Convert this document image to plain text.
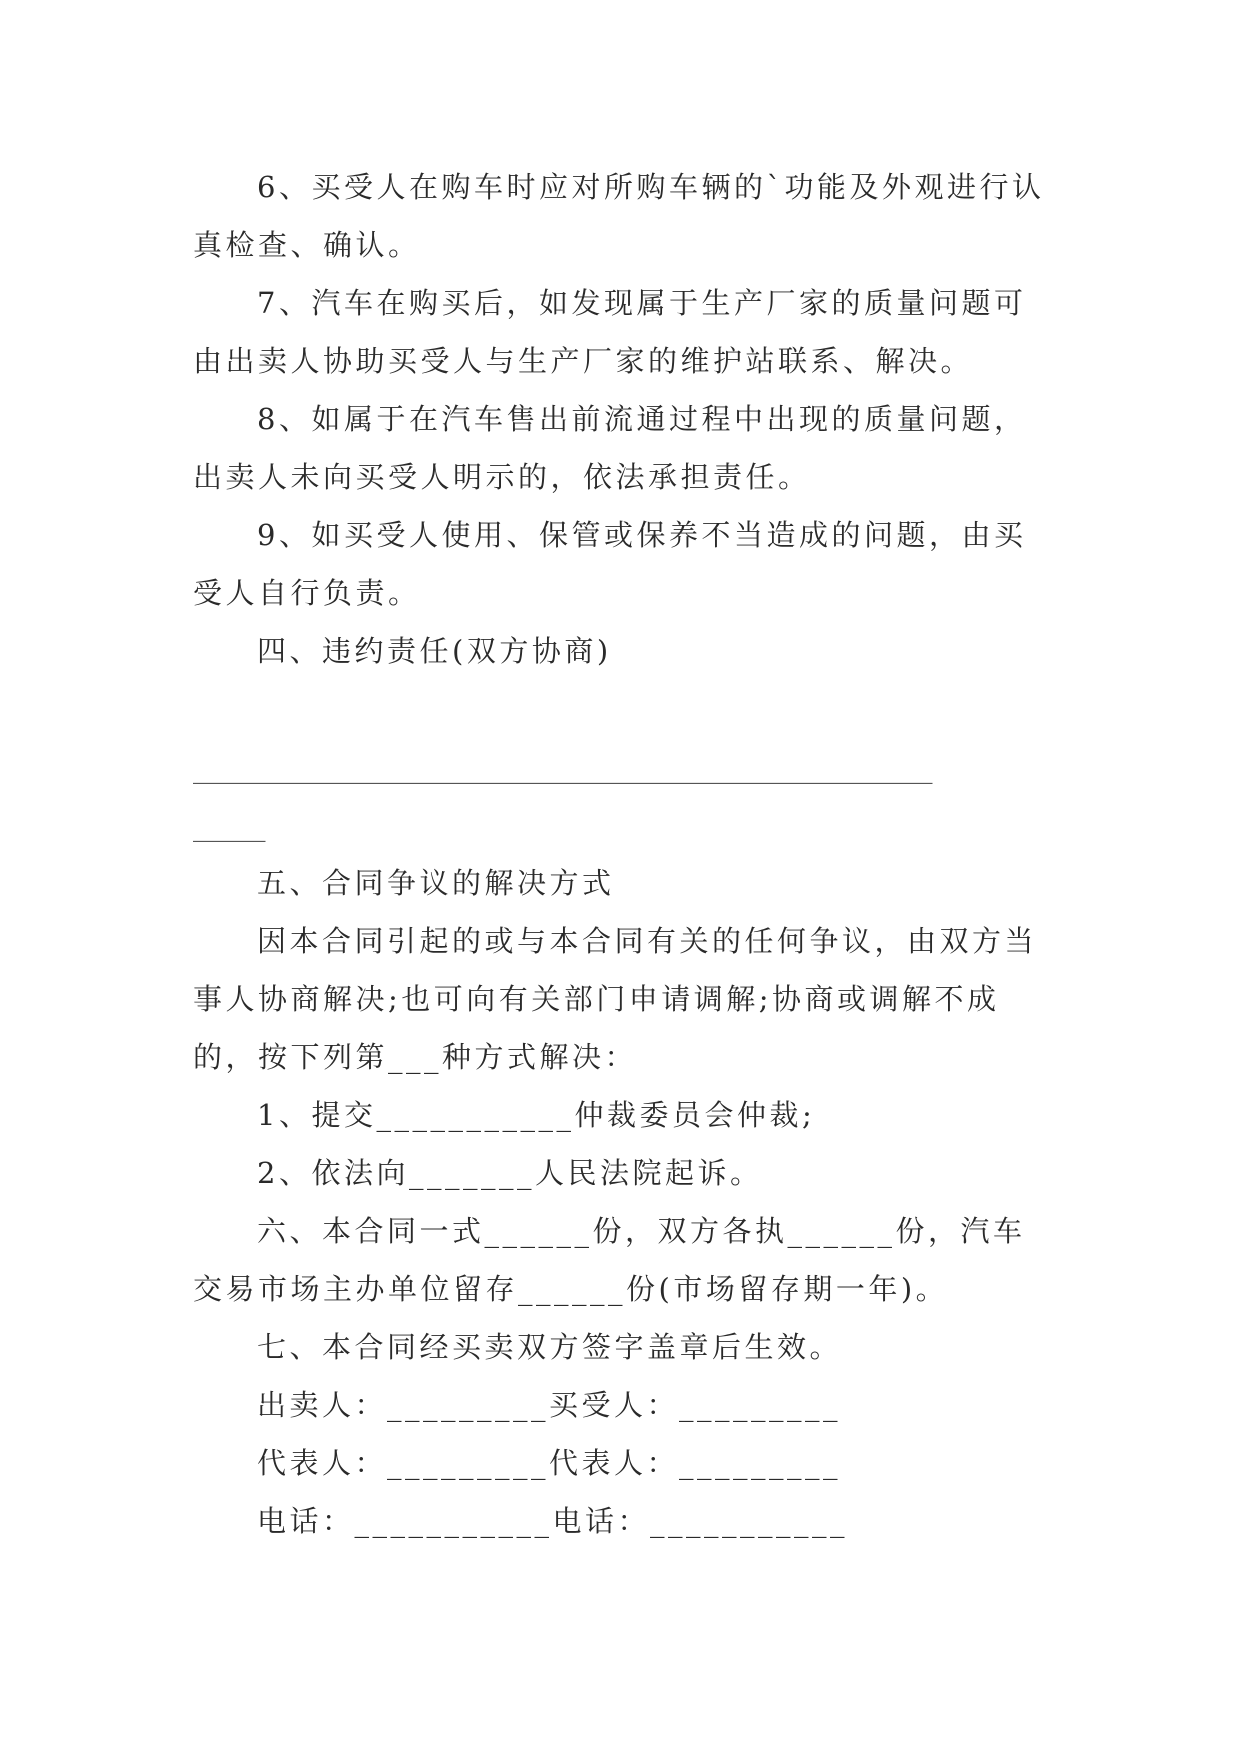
6、买受人在购车时应对所购车辆的`功能及外观进行认真检查、确认。

7、汽车在购买后，如发现属于生产厂家的质量问题可由出卖人协助买受人与生产厂家的维护站联系、解决。

8、如属于在汽车售出前流通过程中出现的质量问题，出卖人未向买受人明示的，依法承担责任。

9、如买受人使用、保管或保养不当造成的问题，由买受人自行负责。

四、违约责任(双方协商)

___________________________________________________

_____

五、合同争议的解决方式

因本合同引起的或与本合同有关的任何争议，由双方当事人协商解决;也可向有关部门申请调解;协商或调解不成的，按下列第___种方式解决：

1、提交___________仲裁委员会仲裁;

2、依法向_______人民法院起诉。

六、本合同一式______份，双方各执______份，汽车交易市场主办单位留存______份(市场留存期一年)。

七、本合同经买卖双方签字盖章后生效。

出卖人：_________买受人：_________

代表人：_________代表人：_________

电话：___________电话：___________
